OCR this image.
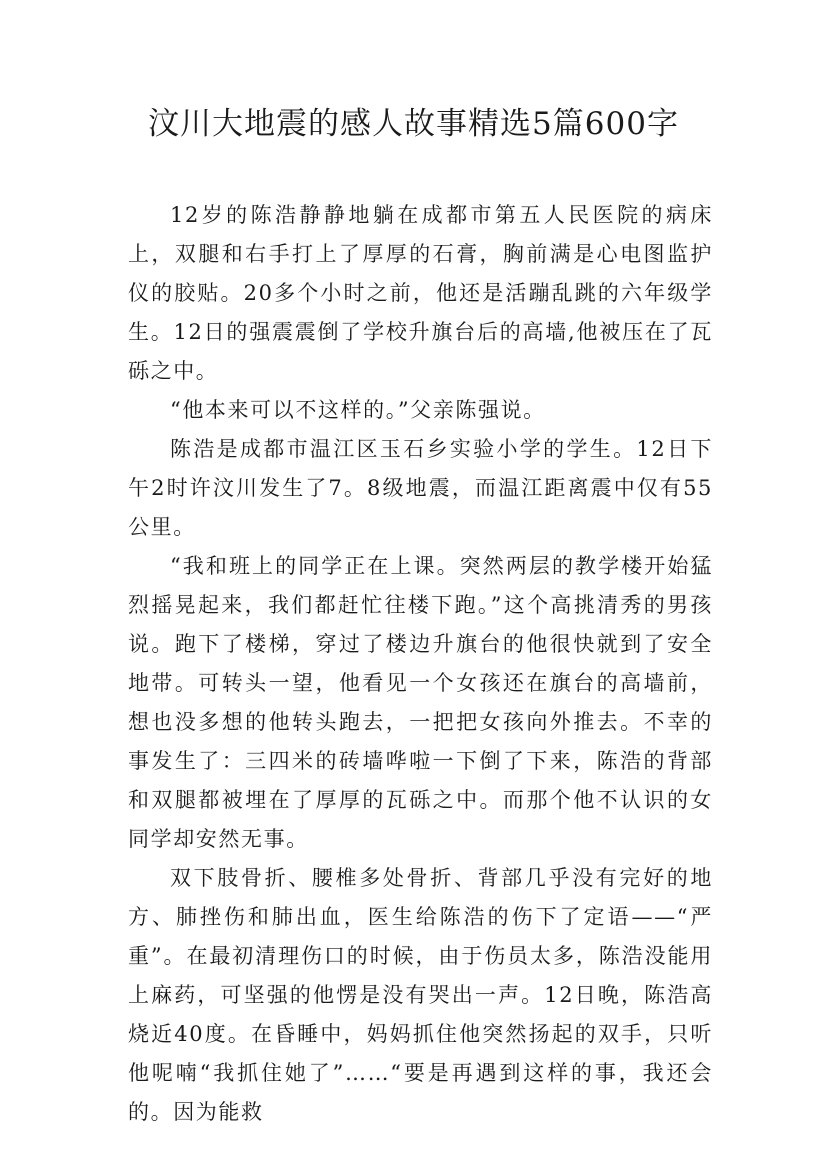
汶川大地震的感人故事精选5篇600字

12岁的陈浩静静地躺在成都市第五人民医院的病床上，双腿和右手打上了厚厚的石膏，胸前满是心电图监护仪的胶贴。20多个小时之前，他还是活蹦乱跳的六年级学生。12日的强震震倒了学校升旗台后的高墙,他被压在了瓦砾之中。

“他本来可以不这样的。”父亲陈强说。

陈浩是成都市温江区玉石乡实验小学的学生。12日下午2时许汶川发生了7。8级地震，而温江距离震中仅有55公里。

“我和班上的同学正在上课。突然两层的教学楼开始猛烈摇晃起来，我们都赶忙往楼下跑。”这个高挑清秀的男孩说。跑下了楼梯，穿过了楼边升旗台的他很快就到了安全地带。可转头一望，他看见一个女孩还在旗台的高墙前，想也没多想的他转头跑去，一把把女孩向外推去。不幸的事发生了：三四米的砖墙哗啦一下倒了下来，陈浩的背部和双腿都被埋在了厚厚的瓦砾之中。而那个他不认识的女同学却安然无事。

双下肢骨折、腰椎多处骨折、背部几乎没有完好的地方、肺挫伤和肺出血，医生给陈浩的伤下了定语——“严重”。在最初清理伤口的时候，由于伤员太多，陈浩没能用上麻药，可坚强的他愣是没有哭出一声。12日晚，陈浩高烧近40度。在昏睡中，妈妈抓住他突然扬起的双手，只听他呢喃“我抓住她了”……“要是再遇到这样的事，我还会的。因为能救
